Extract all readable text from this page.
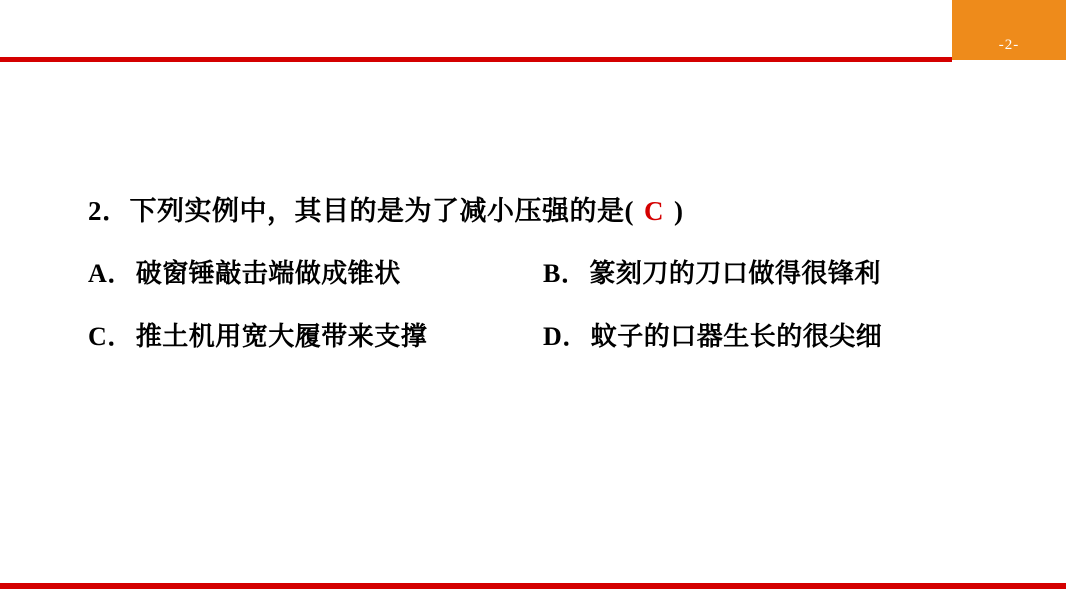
-2-
2．下列实例中，其目的是为了减小压强的是( C )
A．破窗锤敲击端做成锥状	B．篆刻刀的刀口做得很锋利
C．推土机用宽大履带来支撑	D．蚊子的口器生长的很尖细
